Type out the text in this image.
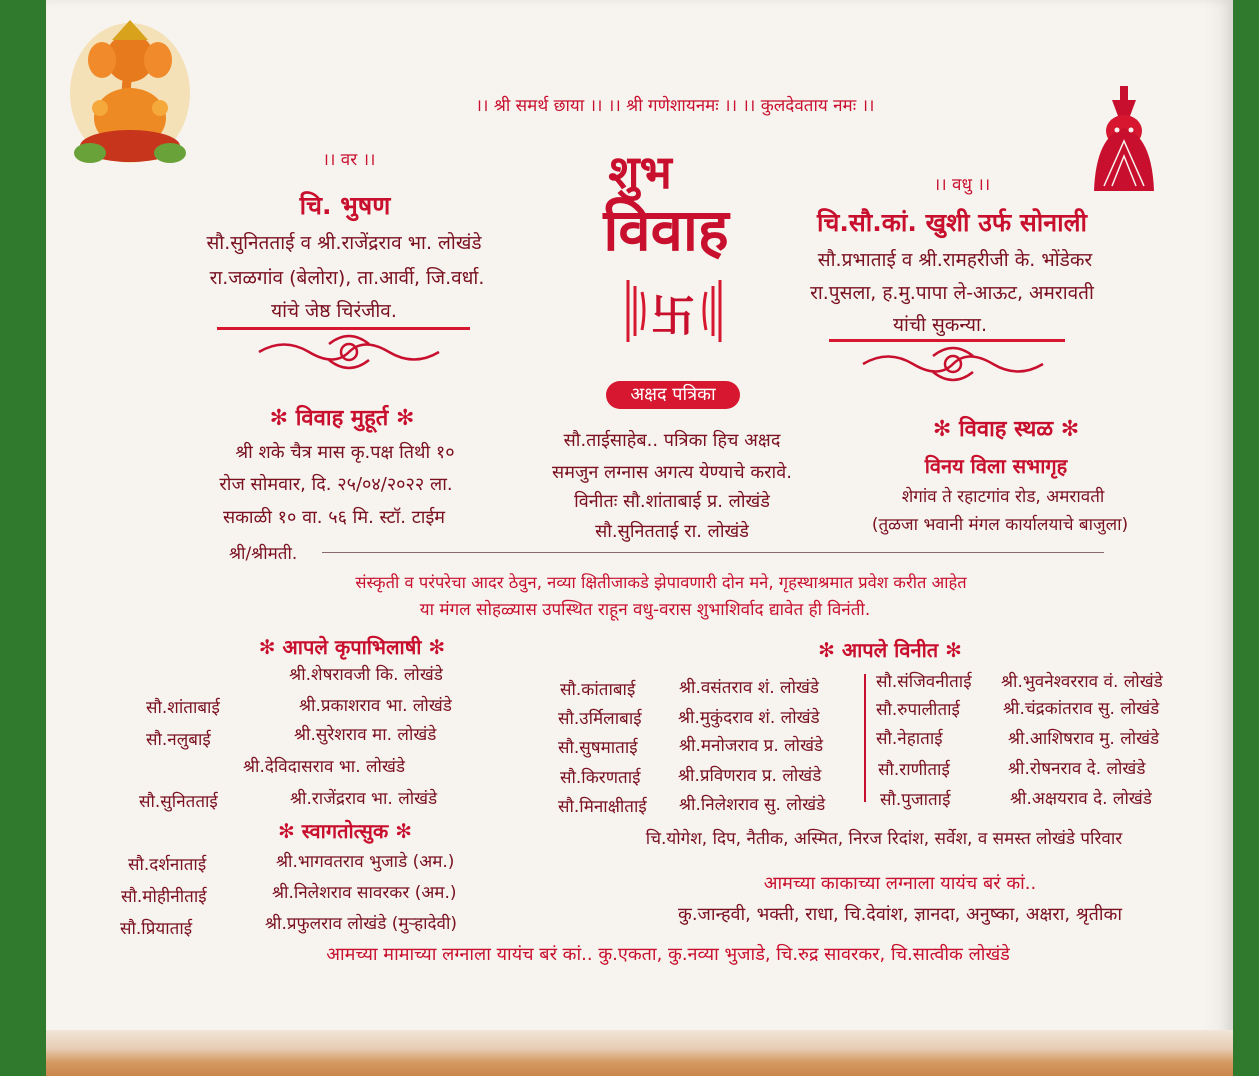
।। श्री समर्थ छाया ।। ।। श्री गणेशायनमः ।। ।। कुलदेवताय नमः ।।

शुभ

विवाह

卐

।। वर ।।

चि. भुषण

सौ.सुनितताई व श्री.राजेंद्रराव भा. लोखंडे

रा.जळगांव (बेलोरा), ता.आर्वी, जि.वर्धा.

यांचे जेष्ठ चिरंजीव.

।। वधु ।।

चि.सौ.कां. खुशी उर्फ सोनाली

सौ.प्रभाताई व श्री.रामहरीजी के. भोंडेकर

रा.पुसला, ह.मु.पापा ले-आऊट, अमरावती

यांची सुकन्या.

✻ विवाह मुहूर्त ✻

श्री शके चैत्र मास कृ.पक्ष तिथी १०

रोज सोमवार, दि. २५/०४/२०२२ ला.

सकाळी १० वा. ५६ मि. स्टॉ. टाईम

अक्षद पत्रिका

सौ.ताईसाहेब.. पत्रिका हिच अक्षद

समजुन लग्नास अगत्य येण्याचे करावे.

विनीतः सौ.शांताबाई प्र. लोखंडे

सौ.सुनितताई रा. लोखंडे

✻ विवाह स्थळ ✻

विनय विला सभागृह

शेगांव ते रहाटगांव रोड, अमरावती

(तुळजा भवानी मंगल कार्यालयाचे बाजुला)

श्री/श्रीमती.

संस्कृती व परंपरेचा आदर ठेवुन, नव्या क्षितीजाकडे झेपावणारी दोन मने, गृहस्थाश्रमात प्रवेश करीत आहेत

या मंगल सोहळ्यास उपस्थित राहून वधु-वरास शुभाशिर्वाद द्यावेत ही विनंती.

✻ आपले कृपाभिलाषी ✻

श्री.शेषरावजी कि. लोखंडे

सौ.शांताबाई	श्री.प्रकाशराव भा. लोखंडे

सौ.नलुबाई	श्री.सुरेशराव मा. लोखंडे

श्री.देविदासराव भा. लोखंडे

सौ.सुनितताई	श्री.राजेंद्रराव भा. लोखंडे

✻ स्वागतोत्सुक ✻

सौ.दर्शनाताई	श्री.भागवतराव भुजाडे (अम.)

सौ.मोहीनीताई	श्री.निलेशराव सावरकर (अम.)

सौ.प्रियाताई	श्री.प्रफुलराव लोखंडे (मुऱ्हादेवी)

✻ आपले विनीत ✻

सौ.कांताबाई	श्री.वसंतराव शं. लोखंडे

सौ.उर्मिलाबाई श्री.मुकुंदराव शं. लोखंडे

सौ.सुषमाताई श्री.मनोजराव प्र. लोखंडे

सौ.किरणताई श्री.प्रविणराव प्र. लोखंडे

सौ.मिनाक्षीताई श्री.निलेशराव सु. लोखंडे

सौ.संजिवनीताई श्री.भुवनेश्वरराव वं. लोखंडे

सौ.रुपालीताई	श्री.चंद्रकांतराव सु. लोखंडे

सौ.नेहाताई	श्री.आशिषराव मु. लोखंडे

सौ.राणीताई	श्री.रोषनराव दे. लोखंडे

सौ.पुजाताई	श्री.अक्षयराव दे. लोखंडे

चि.योगेश, दिप, नैतीक, अस्मित, निरज रिदांश, सर्वेश, व समस्त लोखंडे परिवार

आमच्या काकाच्या लग्नाला यायंच बरं कां..

कु.जान्हवी, भक्ती, राधा, चि.देवांश, ज्ञानदा, अनुष्का, अक्षरा, श्रृतीका

आमच्या मामाच्या लग्नाला यायंच बरं कां.. कु.एकता, कु.नव्या भुजाडे, चि.रुद्र सावरकर, चि.सात्वीक लोखंडे
